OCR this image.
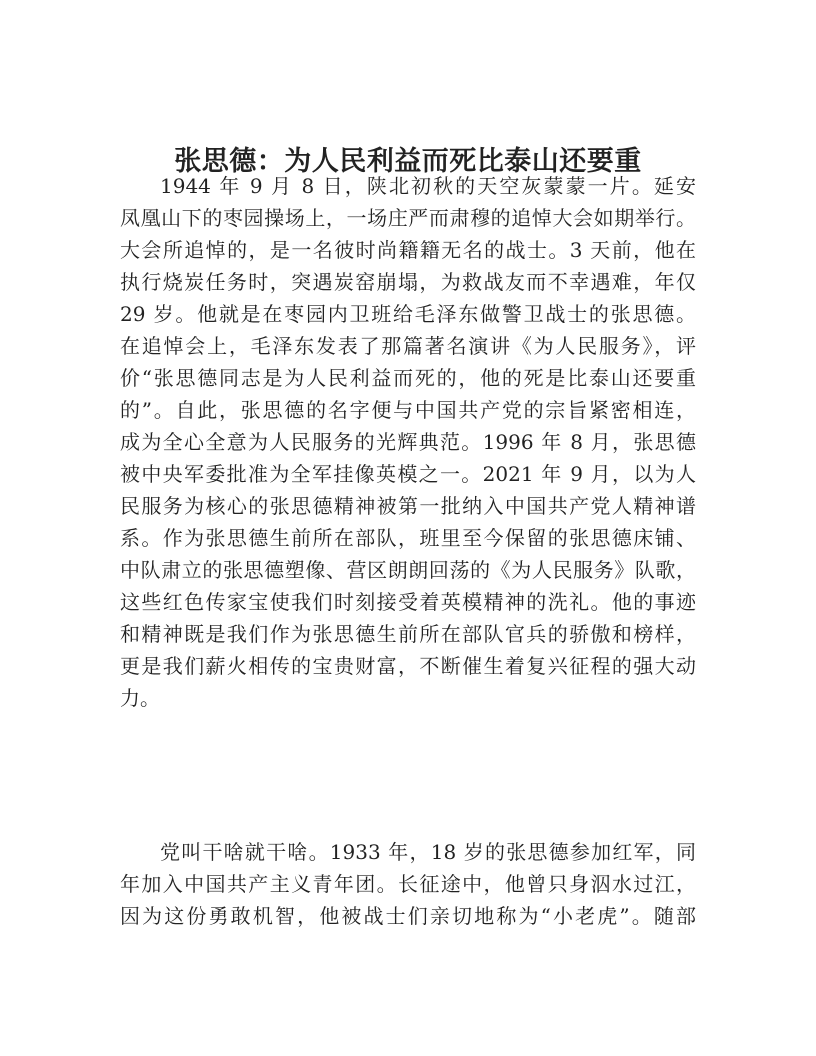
张思德：为人民利益而死比泰山还要重
1944 年 9 月 8 日，陕北初秋的天空灰蒙蒙一片。延安
凤凰山下的枣园操场上，一场庄严而肃穆的追悼大会如期举行。
大会所追悼的，是一名彼时尚籍籍无名的战士。3 天前，他在
执行烧炭任务时，突遇炭窑崩塌，为救战友而不幸遇难，年仅
29 岁。他就是在枣园内卫班给毛泽东做警卫战士的张思德。
在追悼会上，毛泽东发表了那篇著名演讲《为人民服务》，评
价“张思德同志是为人民利益而死的，他的死是比泰山还要重
的”。自此，张思德的名字便与中国共产党的宗旨紧密相连，
成为全心全意为人民服务的光辉典范。1996 年 8 月，张思德
被中央军委批准为全军挂像英模之一。2021 年 9 月，以为人
民服务为核心的张思德精神被第一批纳入中国共产党人精神谱
系。作为张思德生前所在部队，班里至今保留的张思德床铺、
中队肃立的张思德塑像、营区朗朗回荡的《为人民服务》队歌，
这些红色传家宝使我们时刻接受着英模精神的洗礼。他的事迹
和精神既是我们作为张思德生前所在部队官兵的骄傲和榜样，
更是我们薪火相传的宝贵财富，不断催生着复兴征程的强大动
力。
党叫干啥就干啥。1933 年，18 岁的张思德参加红军，同
年加入中国共产主义青年团。长征途中，他曾只身泅水过江，
因为这份勇敢机智，他被战士们亲切地称为“小老虎”。随部
